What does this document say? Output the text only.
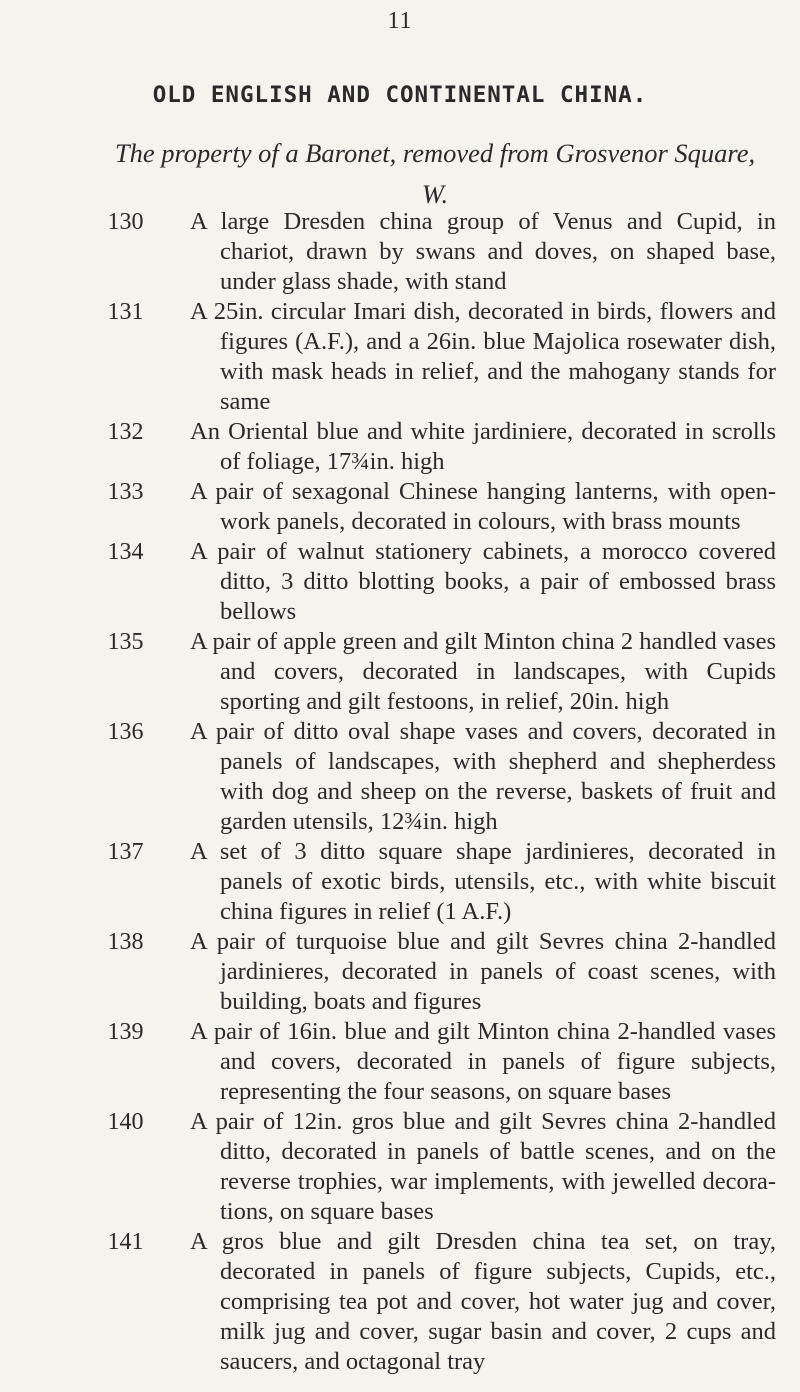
11
OLD ENGLISH AND CONTINENTAL CHINA.
The property of a Baronet, removed from Grosvenor Square, W.
130 A large Dresden china group of Venus and Cupid, in chariot, drawn by swans and doves, on shaped base, under glass shade, with stand
131 A 25in. circular Imari dish, decorated in birds, flowers and figures (A.F.), and a 26in. blue Majolica rosewater dish, with mask heads in relief, and the mahogany stands for same
132 An Oriental blue and white jardiniere, decorated in scrolls of foliage, 17¾in. high
133 A pair of sexagonal Chinese hanging lanterns, with open-work panels, decorated in colours, with brass mounts
134 A pair of walnut stationery cabinets, a morocco covered ditto, 3 ditto blotting books, a pair of embossed brass bellows
135 A pair of apple green and gilt Minton china 2 handled vases and covers, decorated in landscapes, with Cupids sporting and gilt festoons, in relief, 20in. high
136 A pair of ditto oval shape vases and covers, decorated in panels of landscapes, with shepherd and shepherdess with dog and sheep on the reverse, baskets of fruit and garden utensils, 12¾in. high
137 A set of 3 ditto square shape jardinieres, decorated in panels of exotic birds, utensils, etc., with white biscuit china figures in relief (1 A.F.)
138 A pair of turquoise blue and gilt Sevres china 2-handled jardinieres, decorated in panels of coast scenes, with building, boats and figures
139 A pair of 16in. blue and gilt Minton china 2-handled vases and covers, decorated in panels of figure subjects, representing the four seasons, on square bases
140 A pair of 12in. gros blue and gilt Sevres china 2-handled ditto, decorated in panels of battle scenes, and on the reverse trophies, war implements, with jewelled decora-tions, on square bases
141 A gros blue and gilt Dresden china tea set, on tray, decorated in panels of figure subjects, Cupids, etc., comprising tea pot and cover, hot water jug and cover, milk jug and cover, sugar basin and cover, 2 cups and saucers, and octagonal tray
